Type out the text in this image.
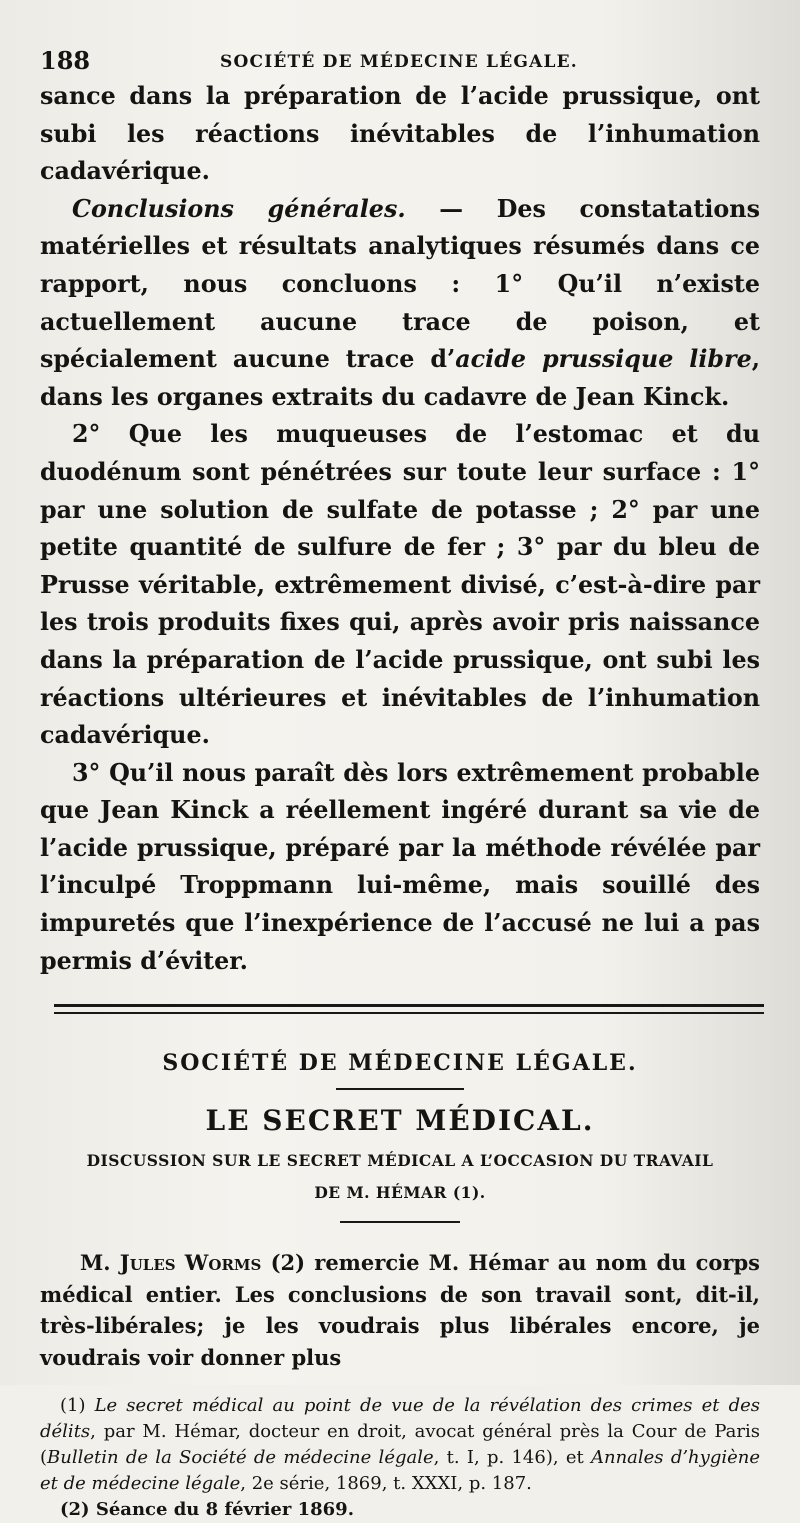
188	SOCIÉTÉ DE MÉDECINE LÉGALE.

sance dans la préparation de l’acide prussique, ont subi les réactions inévitables de l’inhumation cadavérique.

Conclusions générales. — Des constatations matérielles et résultats analytiques résumés dans ce rapport, nous concluons : 1° Qu’il n’existe actuellement aucune trace de poison, et spécialement aucune trace d’acide prussique libre, dans les organes extraits du cadavre de Jean Kinck.

2° Que les muqueuses de l’estomac et du duodénum sont pénétrées sur toute leur surface : 1° par une solution de sulfate de potasse ; 2° par une petite quantité de sulfure de fer ; 3° par du bleu de Prusse véritable, extrêmement divisé, c’est-à-dire par les trois produits fixes qui, après avoir pris naissance dans la préparation de l’acide prussique, ont subi les réactions ultérieures et inévitables de l’inhumation cadavérique.

3° Qu’il nous paraît dès lors extrêmement probable que Jean Kinck a réellement ingéré durant sa vie de l’acide prussique, préparé par la méthode révélée par l’inculpé Troppmann lui-même, mais souillé des impuretés que l’inexpérience de l’accusé ne lui a pas permis d’éviter.

SOCIÉTÉ DE MÉDECINE LÉGALE.
LE SECRET MÉDICAL.
DISCUSSION SUR LE SECRET MÉDICAL A L’OCCASION DU TRAVAIL
DE M. HÉMAR (1).

M. Jules Worms (2) remercie M. Hémar au nom du corps médical entier. Les conclusions de son travail sont, dit-il, très-libérales; je les voudrais plus libérales encore, je voudrais voir donner plus

(1) Le secret médical au point de vue de la révélation des crimes et des délits, par M. Hémar, docteur en droit, avocat général près la Cour de Paris (Bulletin de la Société de médecine légale, t. I, p. 146), et Annales d’hygiène et de médecine légale, 2e série, 1869, t. XXXI, p. 187.

(2) Séance du 8 février 1869.
